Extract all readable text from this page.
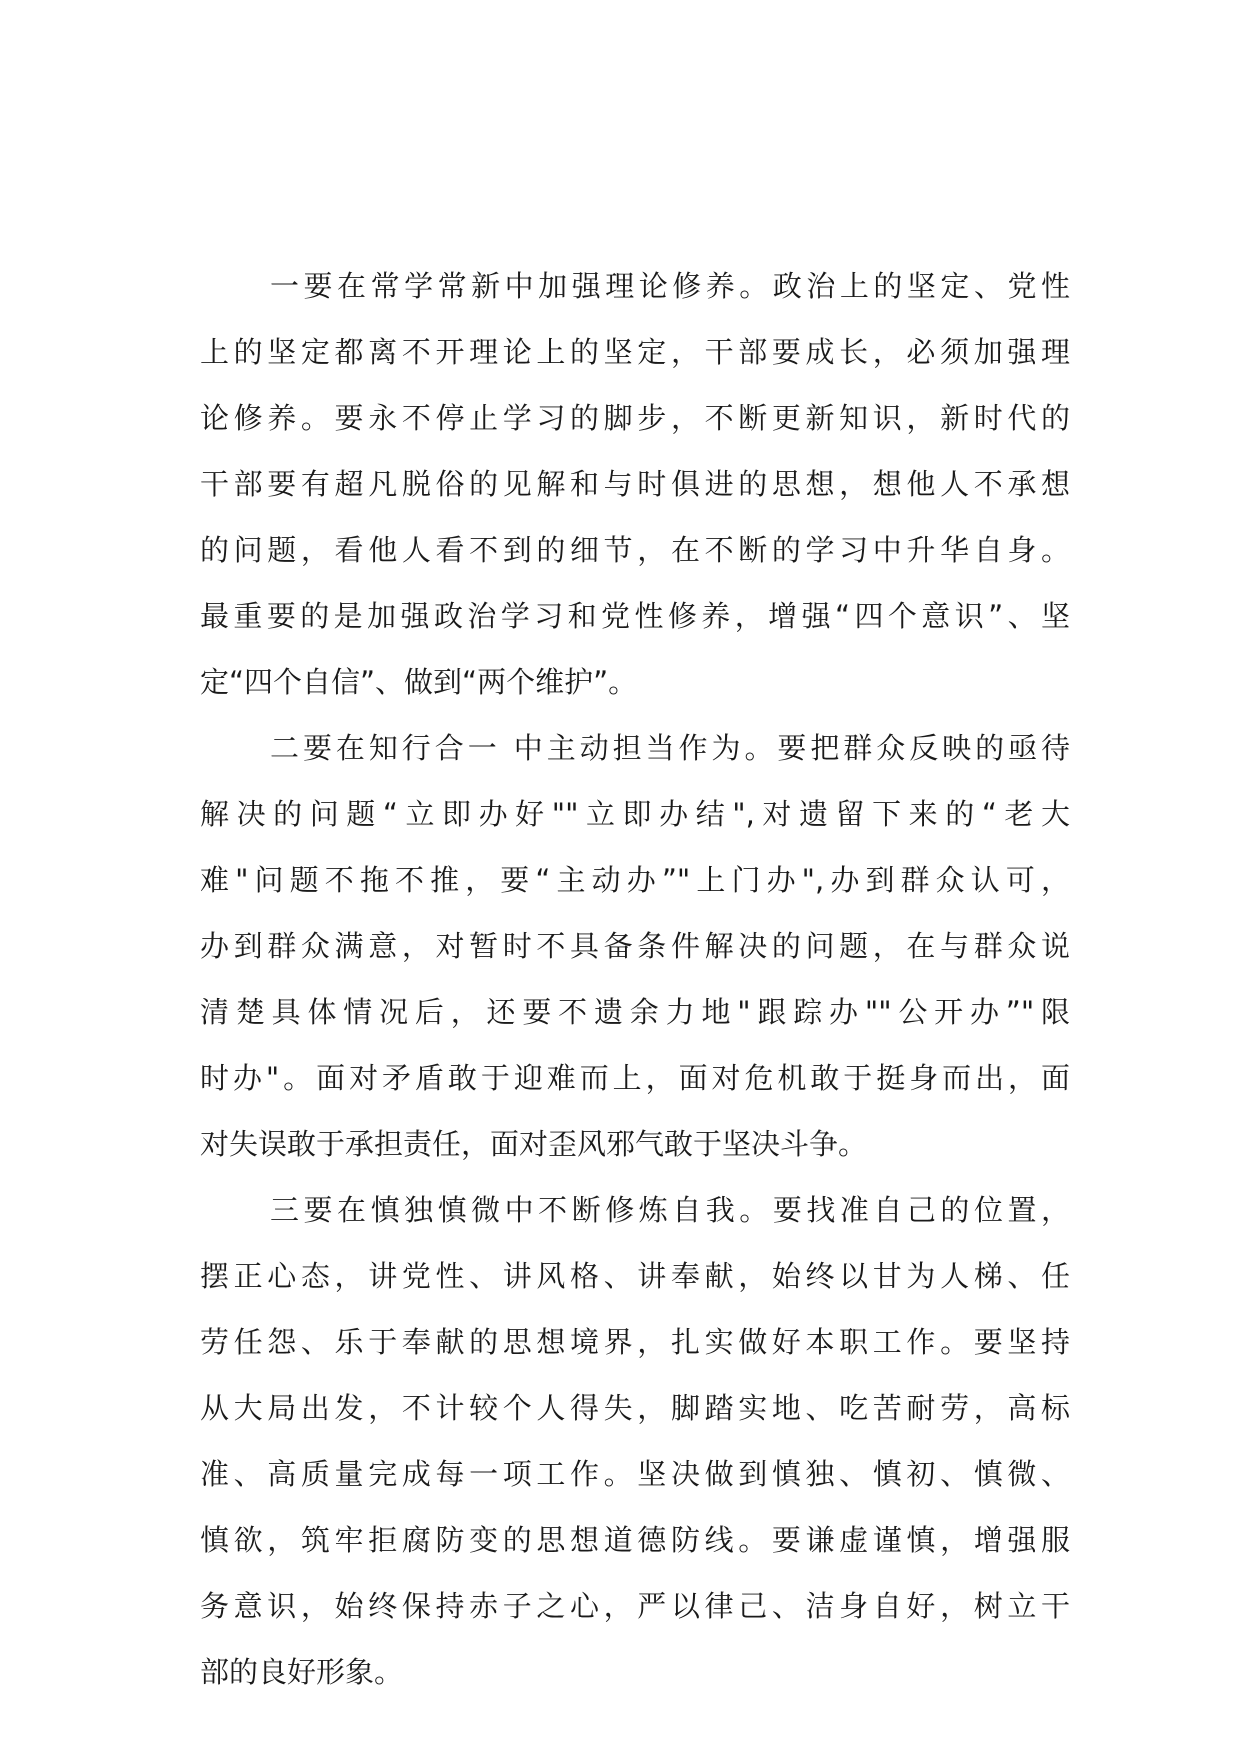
一要在常学常新中加强理论修养。政治上的坚定、党性
上的坚定都离不开理论上的坚定，干部要成长，必须加强理
论修养。要永不停止学习的脚步，不断更新知识，新时代的
干部要有超凡脱俗的见解和与时俱进的思想，想他人不承想
的问题，看他人看不到的细节，在不断的学习中升华自身。
最重要的是加强政治学习和党性修养，增强“四个意识”、坚
定“四个自信”、做到“两个维护”。
二要在知行合一 中主动担当作为。要把群众反映的亟待
解决的问题“立即办好""立即办结",对遗留下来的“老大
难"问题不拖不推，要“主动办”"上门办",办到群众认可，
办到群众满意，对暂时不具备条件解决的问题，在与群众说
清楚具体情况后，还要不遗余力地"跟踪办""公开办”"限
时办"。面对矛盾敢于迎难而上，面对危机敢于挺身而出，面
对失误敢于承担责任，面对歪风邪气敢于坚决斗争。
三要在慎独慎微中不断修炼自我。要找准自己的位置，
摆正心态，讲党性、讲风格、讲奉献，始终以甘为人梯、任
劳任怨、乐于奉献的思想境界，扎实做好本职工作。要坚持
从大局出发，不计较个人得失，脚踏实地、吃苦耐劳，高标
准、高质量完成每一项工作。坚决做到慎独、慎初、慎微、
慎欲，筑牢拒腐防变的思想道德防线。要谦虚谨慎，增强服
务意识，始终保持赤子之心，严以律己、洁身自好，树立干
部的良好形象。
